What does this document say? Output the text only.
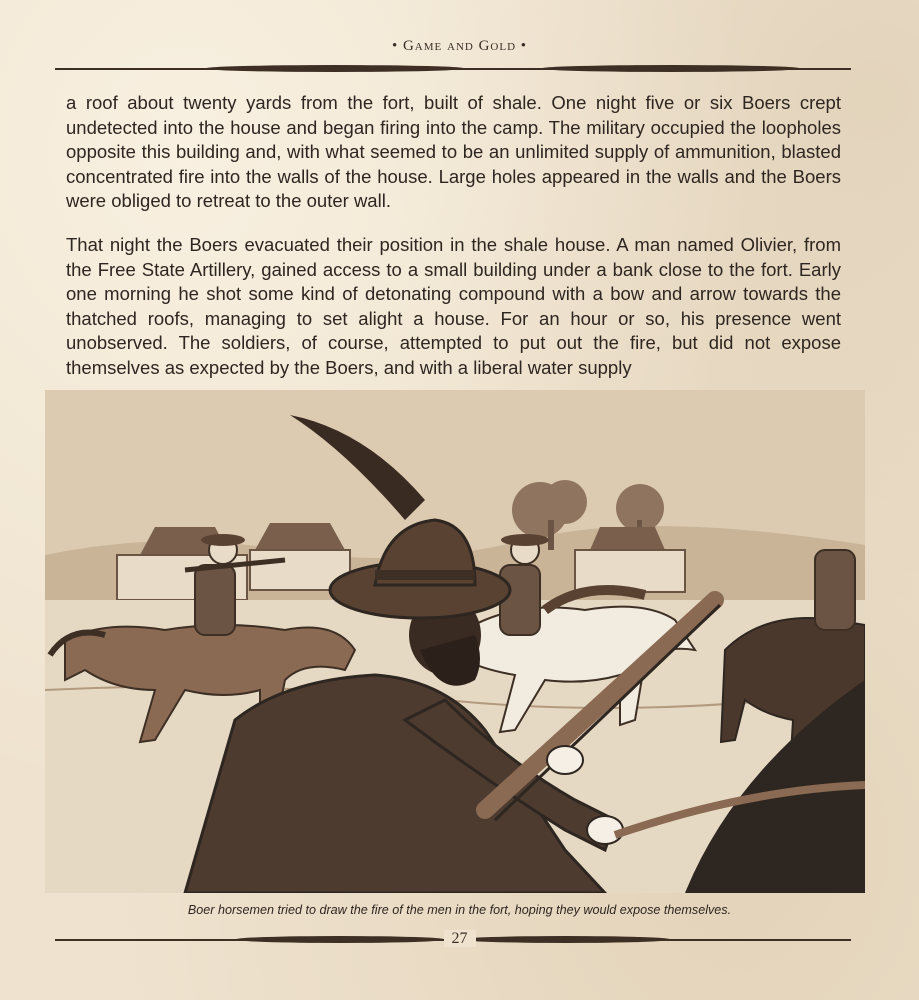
• Game and Gold •

a roof about twenty yards from the fort, built of shale. One night five or six Boers crept undetected into the house and began firing into the camp. The military occupied the loopholes opposite this building and, with what seemed to be an unlimited supply of ammunition, blasted concentrated fire into the walls of the house. Large holes appeared in the walls and the Boers were obliged to retreat to the outer wall.

That night the Boers evacuated their position in the shale house. A man named Olivier, from the Free State Artillery, gained access to a small building under a bank close to the fort. Early one morning he shot some kind of detonating compound with a bow and arrow towards the thatched roofs, managing to set alight a house. For an hour or so, his presence went unobserved. The soldiers, of course, attempted to put out the fire, but did not expose themselves as expected by the Boers, and with a liberal water supply

Boer horsemen tried to draw the fire of the men in the fort, hoping they would expose themselves.
27
